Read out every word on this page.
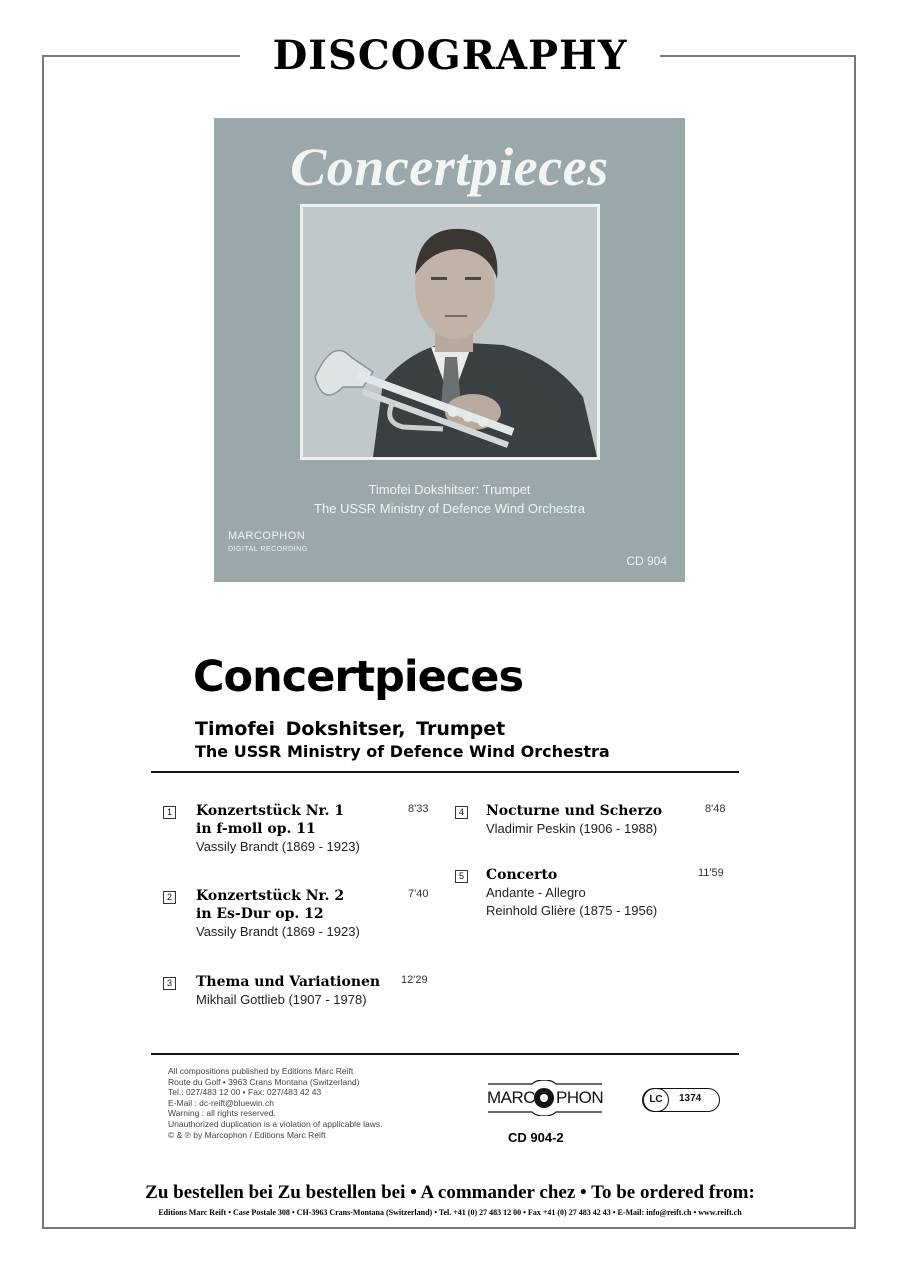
DISCOGRAPHY
Concertpieces
Timofei Dokshitser: Trumpet
The USSR Ministry of Defence Wind Orchestra
MARCOPHON
DIGITAL RECORDING
CD 904
Concertpieces
Timofei Dokshitser, Trumpet
The USSR Ministry of Defence Wind Orchestra
1 Konzertstück Nr. 1
in f-moll op. 11
Vassily Brandt (1869 - 1923)
8'33
2 Konzertstück Nr. 2
in Es-Dur op. 12
Vassily Brandt (1869 - 1923)
7'40
3 Thema und Variationen
Mikhail Gottlieb (1907 - 1978)
12'29
4 Nocturne und Scherzo
Vladimir Peskin (1906 - 1988)
8'48
5 Concerto
Andante - Allegro
Reinhold Glière (1875 - 1956)
11'59
All compositions published by Editions Marc Reift
Route du Golf • 3963 Crans Montana (Switzerland)
Tel.: 027/483 12 00 • Fax: 027/483 42 43
E-Mail : dc-reift@bluewin.ch
Warning : all rights reserved.
Unauthorized duplication is a violation of applicable laws.
© & ℗ by Marcophon / Editions Marc Reift
MARC PHON
CD 904-2
LC	1374
Zu bestellen bei Zu bestellen bei • A commander chez • To be ordered from:
Editions Marc Reift • Case Postale 308 • CH-3963 Crans-Montana (Switzerland) • Tel. +41 (0) 27 483 12 00 • Fax +41 (0) 27 483 42 43 • E-Mail: info@reift.ch • www.reift.ch
